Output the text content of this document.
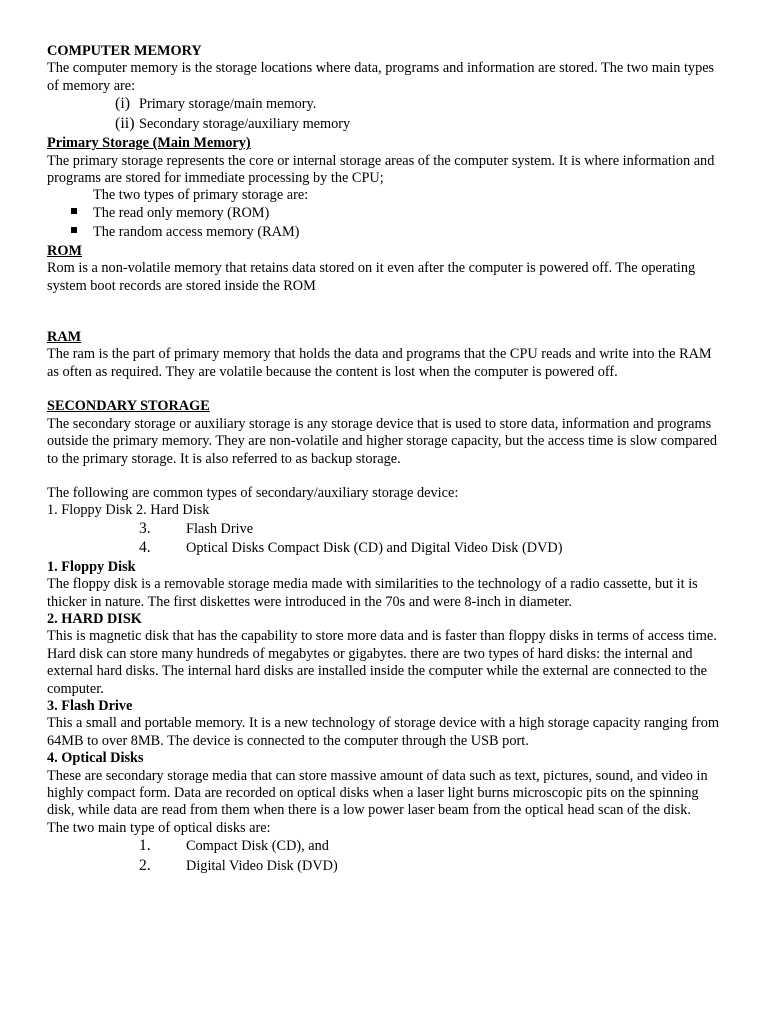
COMPUTER MEMORY

The computer memory is the storage locations where data, programs and information are stored. The two main types of memory are:

(i) Primary storage/main memory.
(ii) Secondary storage/auxiliary memory

Primary Storage (Main Memory)

The primary storage represents the core or internal storage areas of the computer system. It is where information and programs are stored for immediate processing by the CPU;

The two types of primary storage are:

The read only memory (ROM)
The random access memory (RAM)

ROM

Rom is a non-volatile memory that retains data stored on it even after the computer is powered off. The operating system boot records are stored inside the ROM

RAM

The ram is the part of primary memory that holds the data and programs that the CPU reads and write into the RAM as often as required. They are volatile because the content is lost when the computer is powered off.

SECONDARY STORAGE

The secondary storage or auxiliary storage is any storage device that is used to store data, information and programs outside the primary memory. They are non-volatile and higher storage capacity, but the access time is slow compared to the primary storage. It is also referred to as backup storage.

The following are common types of secondary/auxiliary storage device:

1. Floppy Disk 2. Hard Disk

3.	Flash Drive
4.	Optical Disks Compact Disk (CD) and Digital Video Disk (DVD)

1. Floppy Disk

The floppy disk is a removable storage media made with similarities to the technology of a radio cassette, but it is thicker in nature. The first diskettes were introduced in the 70s and were 8-inch in diameter.

2. HARD DISK

This is magnetic disk that has the capability to store more data and is faster than floppy disks in terms of access time. Hard disk can store many hundreds of megabytes or gigabytes. there are two types of hard disks: the internal and external hard disks. The internal hard disks are installed inside the computer while the external are connected to the computer.

3. Flash Drive

This a small and portable memory. It is a new technology of storage device with a high storage capacity ranging from 64MB to over 8MB. The device is connected to the computer through the USB port.

4. Optical Disks

These are secondary storage media that can store massive amount of data such as text, pictures, sound, and video in highly compact form. Data are recorded on optical disks when a laser light burns microscopic pits on the spinning disk, while data are read from them when there is a low power laser beam from the optical head scan of the disk.

The two main type of optical disks are:

1.	Compact Disk (CD), and
2.	Digital Video Disk (DVD)
